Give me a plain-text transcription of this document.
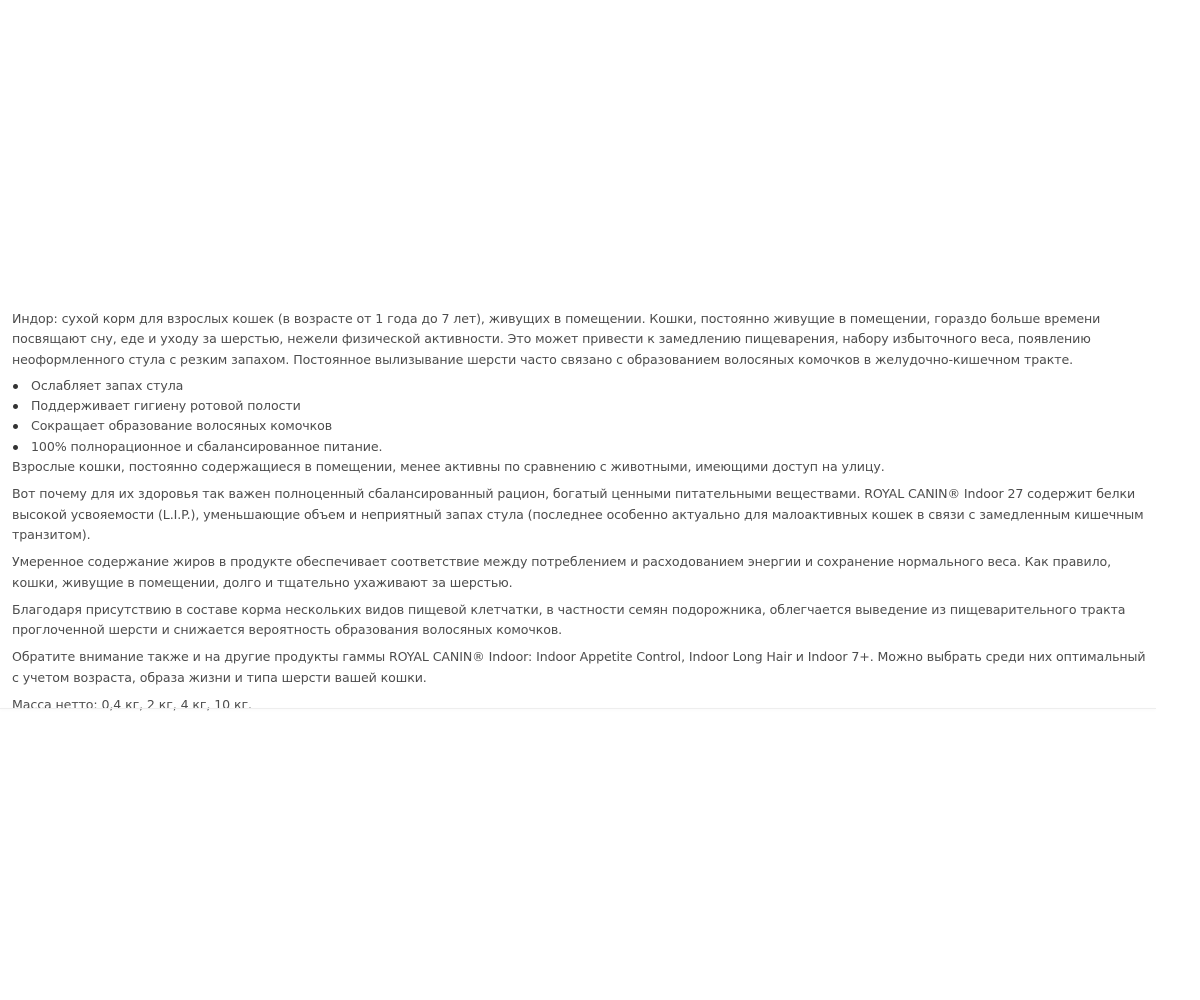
Индор: сухой корм для взрослых кошек (в возрасте от 1 года до 7 лет), живущих в помещении. Кошки, постоянно живущие в помещении, гораздо больше времени посвящают сну, еде и уходу за шерстью, нежели физической активности. Это может привести к замедлению пищеварения, набору избыточного веса, появлению неоформленного стула с резким запахом. Постоянное вылизывание шерсти часто связано с образованием волосяных комочков в желудочно-кишечном тракте.

Ослабляет запах стула
Поддерживает гигиену ротовой полости
Сокращает образование волосяных комочков
100% полнорационное и сбалансированное питание.

Взрослые кошки, постоянно содержащиеся в помещении, менее активны по сравнению с животными, имеющими доступ на улицу.

Вот почему для их здоровья так важен полноценный сбалансированный рацион, богатый ценными питательными веществами. ROYAL CANIN® Indoor 27 содержит белки высокой усвояемости (L.I.P.), уменьшающие объем и неприятный запах стула (последнее особенно актуально для малоактивных кошек в связи с замедленным кишечным транзитом).

Умеренное содержание жиров в продукте обеспечивает соответствие между потреблением и расходованием энергии и сохранение нормального веса. Как правило, кошки, живущие в помещении, долго и тщательно ухаживают за шерстью.

Благодаря присутствию в составе корма нескольких видов пищевой клетчатки, в частности семян подорожника, облегчается выведение из пищеварительного тракта проглоченной шерсти и снижается вероятность образования волосяных комочков.

Обратите внимание также и на другие продукты гаммы ROYAL CANIN® Indoor: Indoor Appetite Control, Indoor Long Hair и Indoor 7+. Можно выбрать среди них оптимальный с учетом возраста, образа жизни и типа шерсти вашей кошки.

Масса нетто: 0,4 кг, 2 кг, 4 кг, 10 кг.
